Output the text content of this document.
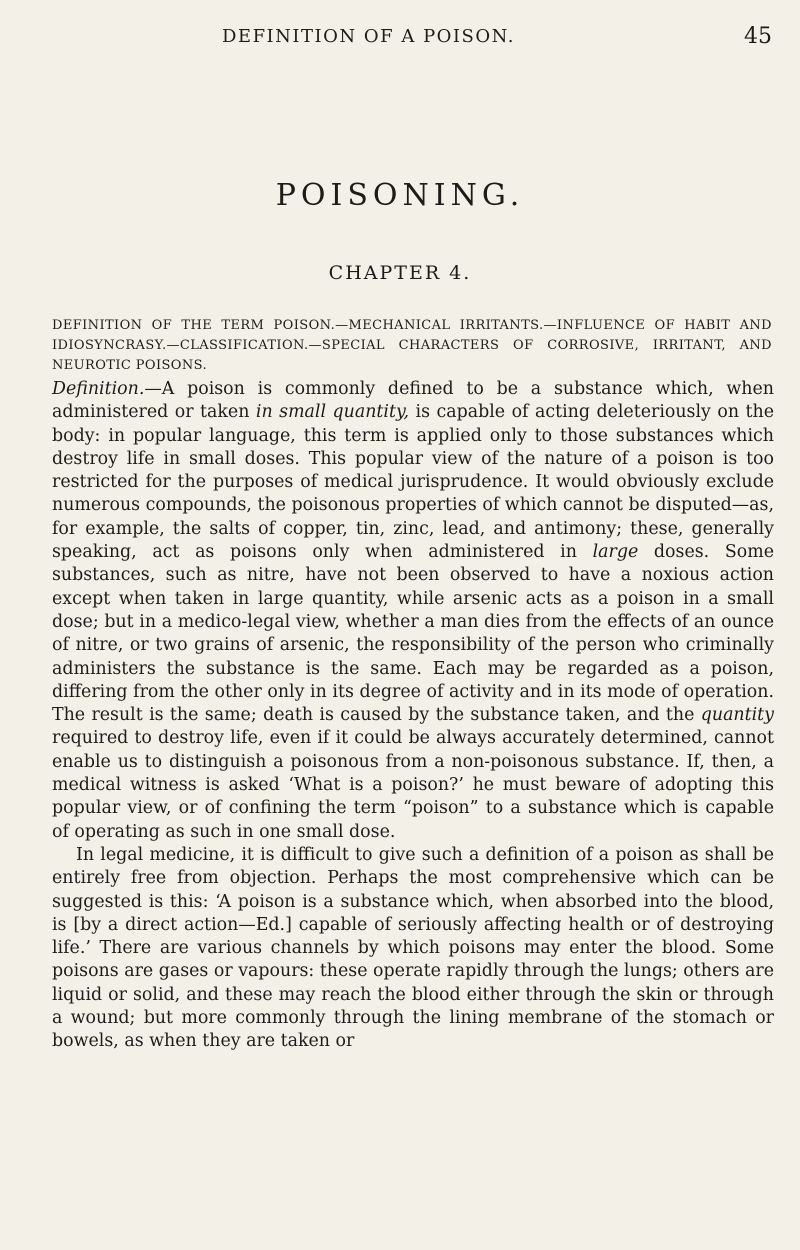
DEFINITION OF A POISON.	45
POISONING.
CHAPTER 4.
DEFINITION OF THE TERM POISON.—MECHANICAL IRRITANTS.—INFLUENCE OF HABIT AND IDIOSYNCRASY.—CLASSIFICATION.—SPECIAL CHARACTERS OF CORROSIVE, IRRITANT, AND NEUROTIC POISONS.

Definition.—A poison is commonly defined to be a substance which, when administered or taken in small quantity, is capable of acting deleteriously on the body: in popular language, this term is applied only to those substances which destroy life in small doses. This popular view of the nature of a poison is too restricted for the purposes of medical jurisprudence. It would obviously exclude numerous compounds, the poisonous properties of which cannot be disputed—as, for example, the salts of copper, tin, zinc, lead, and antimony; these, generally speaking, act as poisons only when administered in large doses. Some substances, such as nitre, have not been observed to have a noxious action except when taken in large quantity, while arsenic acts as a poison in a small dose; but in a medico-legal view, whether a man dies from the effects of an ounce of nitre, or two grains of arsenic, the responsibility of the person who criminally administers the substance is the same. Each may be regarded as a poison, differing from the other only in its degree of activity and in its mode of operation. The result is the same; death is caused by the substance taken, and the quantity required to destroy life, even if it could be always accurately determined, cannot enable us to distinguish a poisonous from a non-poisonous substance. If, then, a medical witness is asked ‘What is a poison?’ he must beware of adopting this popular view, or of confining the term “poison” to a substance which is capable of operating as such in one small dose.

In legal medicine, it is difficult to give such a definition of a poison as shall be entirely free from objection. Perhaps the most comprehensive which can be suggested is this: ‘A poison is a substance which, when absorbed into the blood, is [by a direct action—Ed.] capable of seriously affecting health or of destroying life.’ There are various channels by which poisons may enter the blood. Some poisons are gases or vapours: these operate rapidly through the lungs; others are liquid or solid, and these may reach the blood either through the skin or through a wound; but more commonly through the lining membrane of the stomach or bowels, as when they are taken or
